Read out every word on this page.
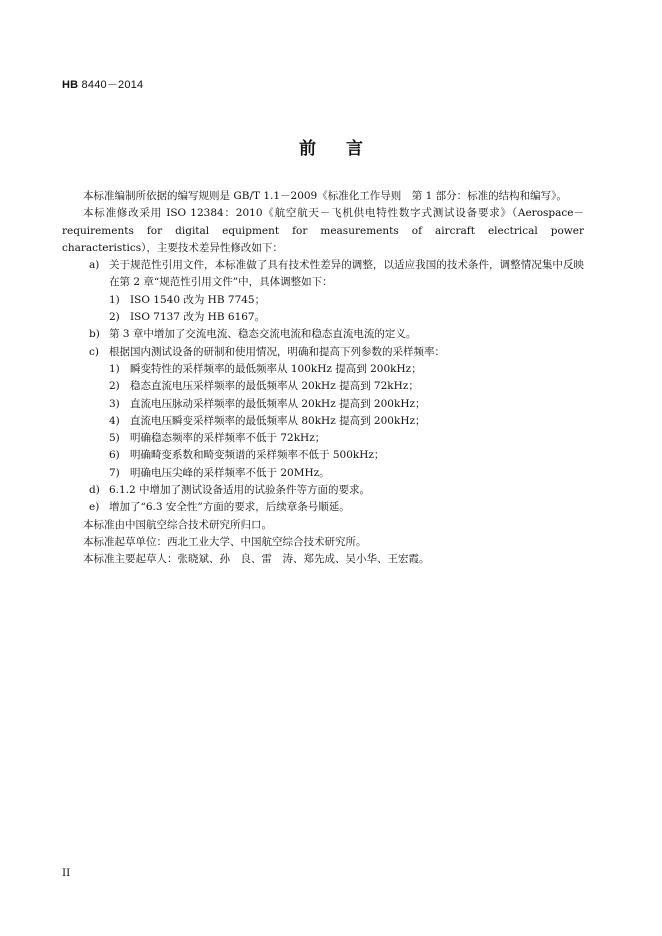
HB 8440－2014
前言

本标准编制所依据的编写规则是 GB/T 1.1－2009《标准化工作导则　第 1 部分：标准的结构和编写》。

本标准修改采用 ISO 12384：2010《航空航天－飞机供电特性数字式测试设备要求》（Aerospace－requirements for digital equipment for measurements of aircraft electrical power characteristics），主要技术差异性修改如下：

a) 关于规范性引用文件，本标准做了具有技术性差异的调整，以适应我国的技术条件，调整情况集中反映在第 2 章“规范性引用文件”中，具体调整如下：

1) ISO 1540 改为 HB 7745；

2) ISO 7137 改为 HB 6167。

b) 第 3 章中增加了交流电流、稳态交流电流和稳态直流电流的定义。

c) 根据国内测试设备的研制和使用情况，明确和提高下列参数的采样频率：

1) 瞬变特性的采样频率的最低频率从 100kHz 提高到 200kHz；

2) 稳态直流电压采样频率的最低频率从 20kHz 提高到 72kHz；

3) 直流电压脉动采样频率的最低频率从 20kHz 提高到 200kHz；

4) 直流电压瞬变采样频率的最低频率从 80kHz 提高到 200kHz；

5) 明确稳态频率的采样频率不低于 72kHz；

6) 明确畸变系数和畸变频谱的采样频率不低于 500kHz；

7) 明确电压尖峰的采样频率不低于 20MHz。

d) 6.1.2 中增加了测试设备适用的试验条件等方面的要求。

e) 增加了“6.3 安全性”方面的要求，后续章条号顺延。

本标准由中国航空综合技术研究所归口。

本标准起草单位：西北工业大学、中国航空综合技术研究所。

本标准主要起草人：张晓斌、孙　良、雷　涛、郑先成、吴小华、王宏霞。

II
